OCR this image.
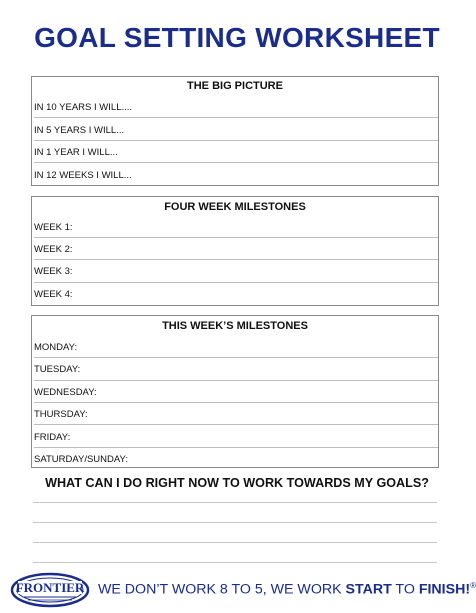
GOAL SETTING WORKSHEET
THE BIG PICTURE
IN 10 YEARS I WILL....
IN 5 YEARS I WILL...
IN 1 YEAR I WILL...
IN 12 WEEKS I WILL...
FOUR WEEK MILESTONES
WEEK 1:
WEEK 2:
WEEK 3:
WEEK 4:
THIS WEEK’S MILESTONES
MONDAY:
TUESDAY:
WEDNESDAY:
THURSDAY:
FRIDAY:
SATURDAY/SUNDAY:
WHAT CAN I DO RIGHT NOW TO WORK TOWARDS MY GOALS?
FRONTIER WE DON’T WORK 8 TO 5, WE WORK START TO FINISH!®
